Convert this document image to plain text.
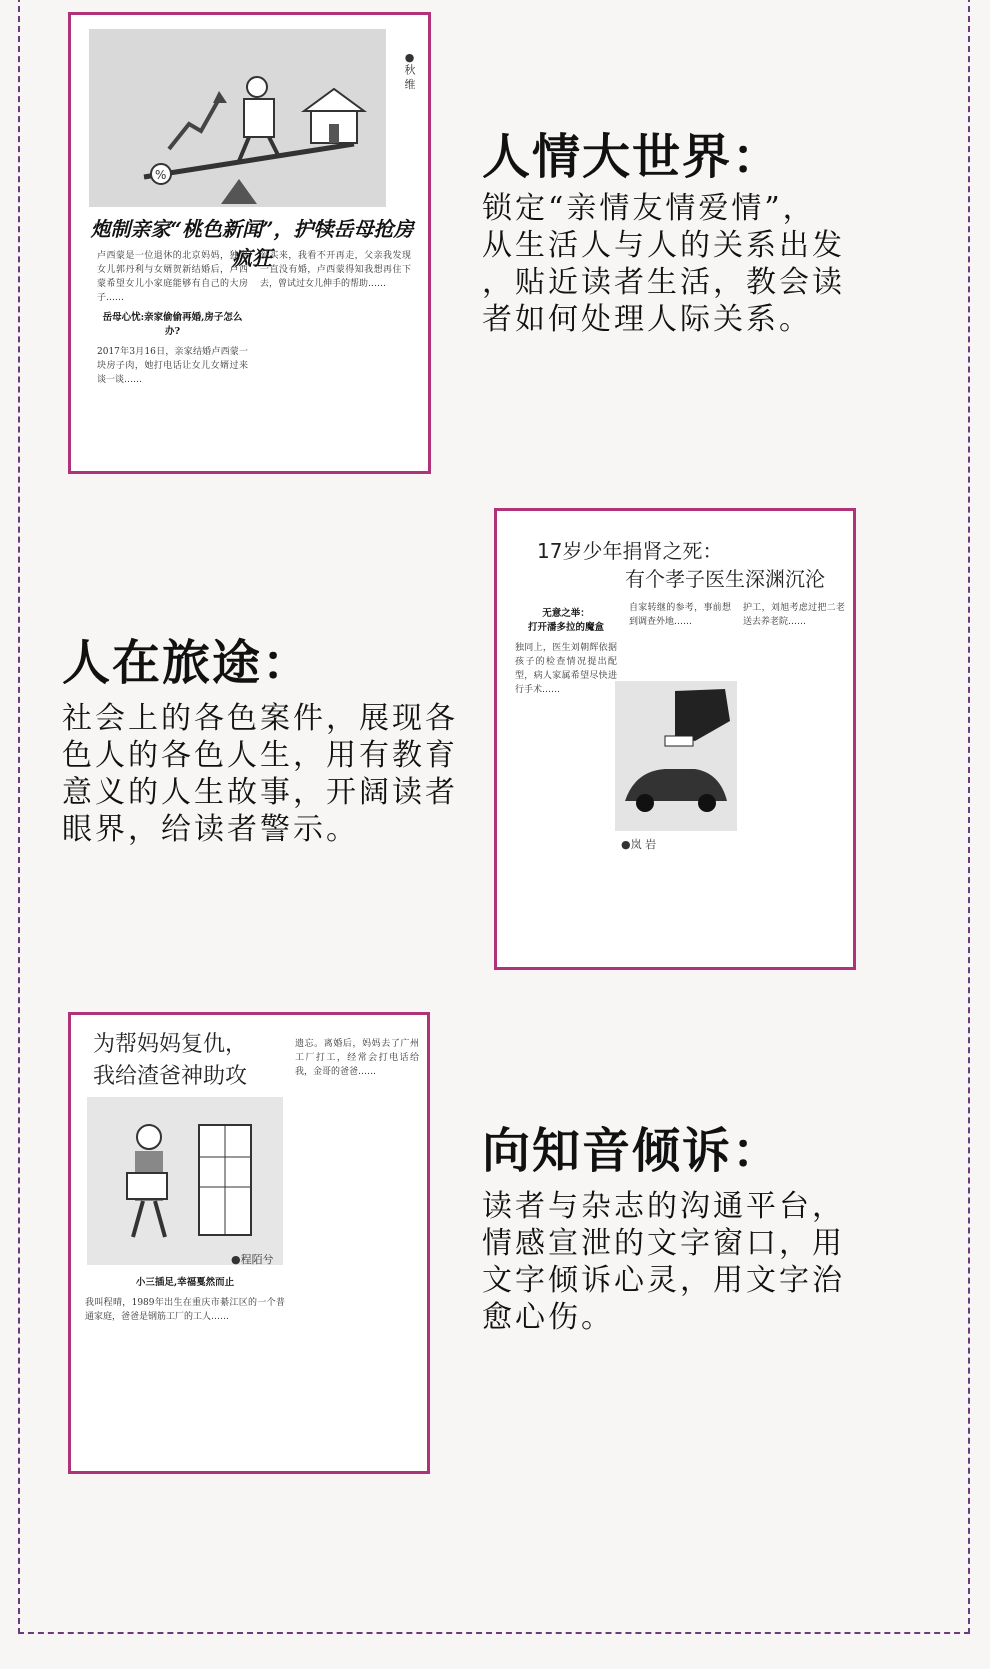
%
●秋 维
炮制亲家“桃色新闻”，护犊岳母抢房疯狂
卢西蒙是一位退休的北京妈妈，独生女儿郭丹利与女婿贺新结婚后，卢西蒙希望女儿小家庭能够有自己的大房子……
岳母心忧:亲家偷偷再婚,房子怎么办?
2017年3月16日，亲家结婚卢西蒙一块房子肉，她打电话让女儿女婿过来谈一谈……
爱买来，我看不开再走，父亲我发现一直没有婚，卢西蒙得知我想再住下去，曾试过女儿伸手的帮助……
人情大世界：
锁定“亲情友情爱情”，
从生活人与人的关系出发
，贴近读者生活，教会读
者如何处理人际关系。
17岁少年捐肾之死：
有个孝子医生深渊沉沦
●岚 岩
无意之举：
打开潘多拉的魔盒
独同上，医生刘朝辉依据孩子的检查情况提出配型，病人家属希望尽快进行手术……
自家转继的参考，事前想到调查外地……
护工，刘旭考虑过把二老送去养老院……
人在旅途：
社会上的各色案件，展现各
色人的各色人生，用有教育
意义的人生故事，开阔读者
眼界，给读者警示。
为帮妈妈复仇，
我给渣爸神助攻
●程陌兮
小三插足,幸福戛然而止
我叫程晴，1989年出生在重庆市綦江区的一个普通家庭，爸爸是钢筋工厂的工人……
遗忘。离婚后，妈妈去了广州工厂打工，经常会打电话给我，金哥的爸爸……
向知音倾诉：
读者与杂志的沟通平台，
情感宣泄的文字窗口，用
文字倾诉心灵，用文字治
愈心伤。
